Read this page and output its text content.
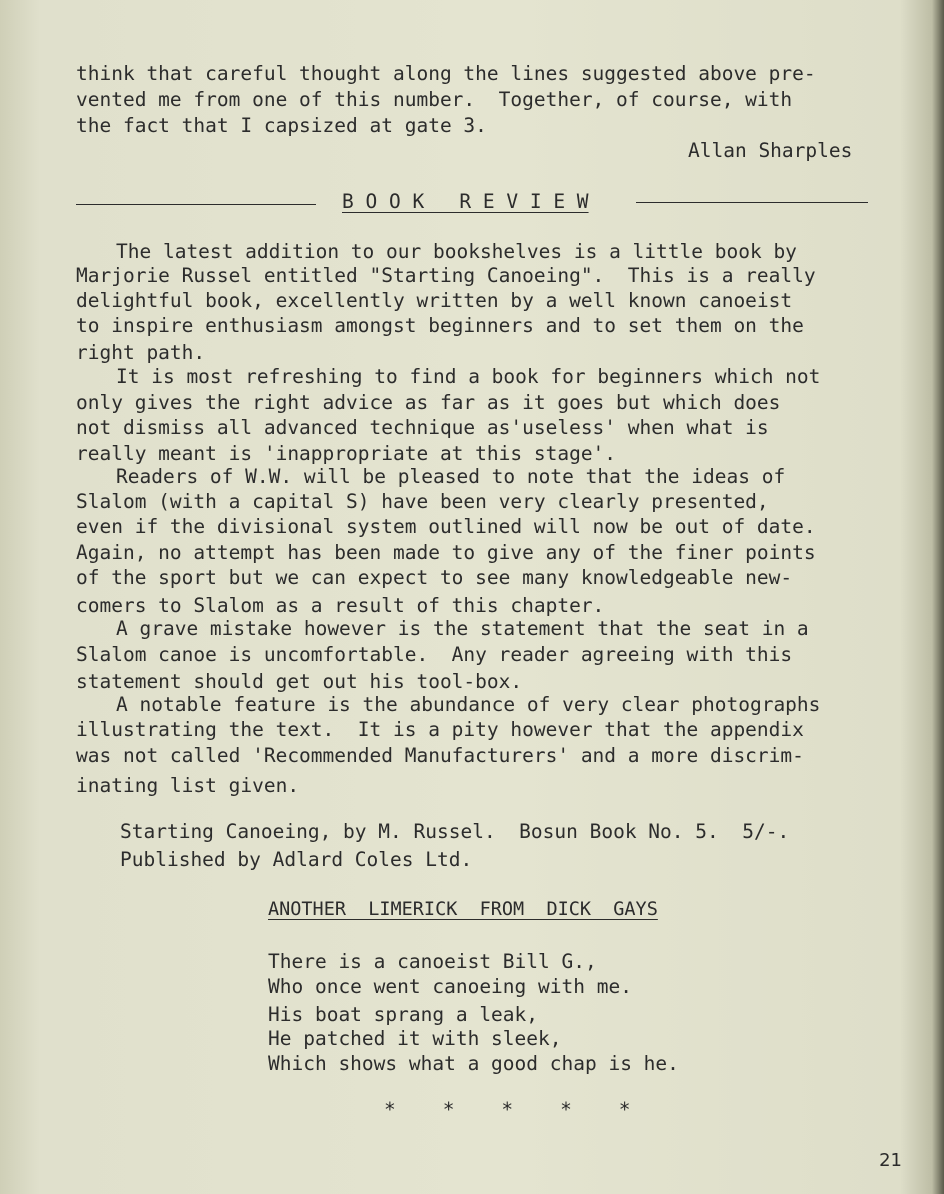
think that careful thought along the lines suggested above pre-

vented me from one of this number.  Together, of course, with

the fact that I capsized at gate 3.

Allan Sharples

B O O K   R E V I E W

The latest addition to our bookshelves is a little book by

Marjorie Russel entitled "Starting Canoeing".  This is a really

delightful book, excellently written by a well known canoeist

to inspire enthusiasm amongst beginners and to set them on the

right path.

It is most refreshing to find a book for beginners which not

only gives the right advice as far as it goes but which does

not dismiss all advanced technique as'useless' when what is

really meant is 'inappropriate at this stage'.

Readers of W.W. will be pleased to note that the ideas of

Slalom (with a capital S) have been very clearly presented,

even if the divisional system outlined will now be out of date.

Again, no attempt has been made to give any of the finer points

of the sport but we can expect to see many knowledgeable new-

comers to Slalom as a result of this chapter.

A grave mistake however is the statement that the seat in a

Slalom canoe is uncomfortable.  Any reader agreeing with this

statement should get out his tool-box.

A notable feature is the abundance of very clear photographs

illustrating the text.  It is a pity however that the appendix

was not called 'Recommended Manufacturers' and a more discrim-

inating list given.

Starting Canoeing, by M. Russel.  Bosun Book No. 5.  5/-.

Published by Adlard Coles Ltd.

ANOTHER  LIMERICK  FROM  DICK  GAYS

There is a canoeist Bill G.,

Who once went canoeing with me.

His boat sprang a leak,

He patched it with sleek,

Which shows what a good chap is he.

*    *    *    *    *

21
